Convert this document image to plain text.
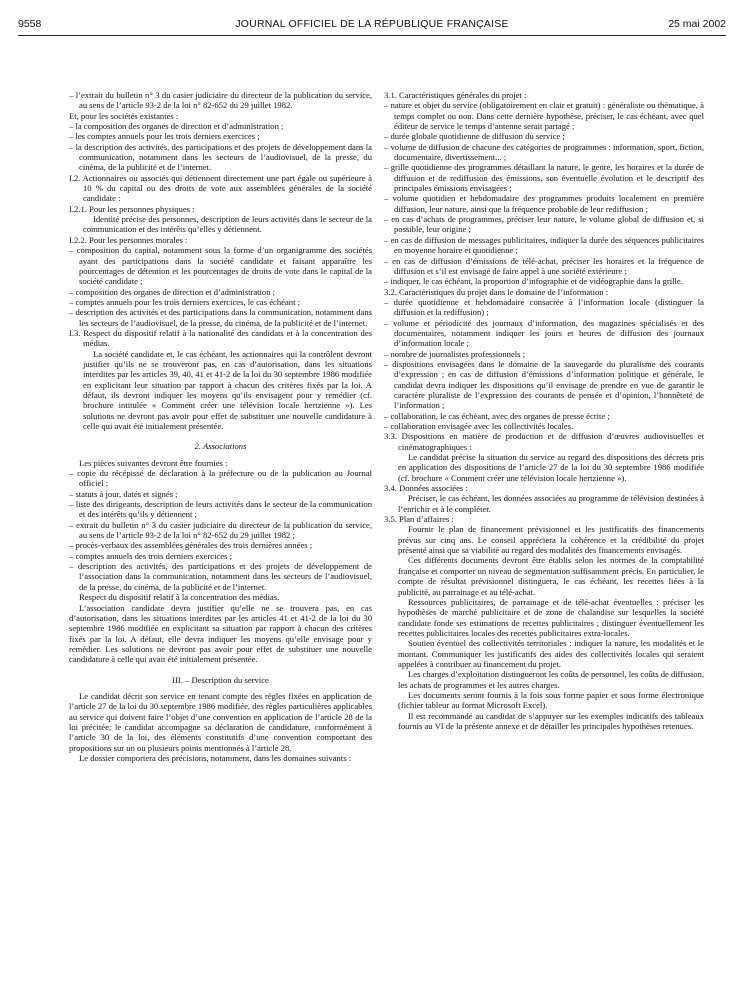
9558	JOURNAL OFFICIEL DE LA RÉPUBLIQUE FRANÇAISE	25 mai 2002

– l’extrait du bulletin n° 3 du casier judiciaire du directeur de la publication du service, au sens de l’article 93-2 de la loi n° 82-652 du 29 juillet 1982.

Et, pour les sociétés existantes :

– la composition des organes de direction et d’administration ;

– les comptes annuels pour les trois derniers exercices ;

– la description des activités, des participations et des projets de développement dans la communication, notamment dans les secteurs de l’audiovisuel, de la presse, du cinéma, de la publicité et de l’internet.

I.2. Actionnaires ou associés qui détiennent directement une part égale ou supérieure à 10 % du capital ou des droits de vote aux assemblées générales de la société candidate :

I.2.1. Pour les personnes physiques :

Identité précise des personnes, description de leurs activités dans le secteur de la communication et des intérêts qu’elles y détiennent.

I.2.2. Pour les personnes morales :

– composition du capital, notamment sous la forme d’un organigramme des sociétés ayant des participations dans la société candidate et faisant apparaître les pourcentages de détention et les pourcentages de droits de vote dans le capital de la société candidate ;

– composition des organes de direction et d’administration ;

– comptes annuels pour les trois derniers exercices, le cas échéant ;

– description des activités et des participations dans la communication, notamment dans les secteurs de l’audiovisuel, de la presse, du cinéma, de la publicité et de l’internet.

I.3. Respect du dispositif relatif à la nationalité des candidats et à la concentration des médias.

La société candidate et, le cas échéant, les actionnaires qui la contrôlent devront justifier qu’ils ne se trouveront pas, en cas d’autorisation, dans les situations interdites par les articles 39, 40, 41 et 41-2 de la loi du 30 septembre 1986 modifiée en explicitant leur situation par rapport à chacun des critères fixés par la loi. A défaut, ils devront indiquer les moyens qu’ils envisagent pour y remédier (cf. brochure intitulée « Comment créer une télévision locale hertzienne »). Les solutions ne devront pas avoir pour effet de substituer une nouvelle candidature à celle qui avait été initialement présentée.

2. Associations

Les pièces suivantes devront être fournies :

– copie du récépissé de déclaration à la préfecture ou de la publication au Journal officiel ;

– statuts à jour, datés et signés ;

– liste des dirigeants, description de leurs activités dans le secteur de la communication et des intérêts qu’ils y détiennent ;

– extrait du bulletin n° 3 du casier judiciaire du directeur de la publication du service, au sens de l’article 93-2 de la loi n° 82-652 du 29 juillet 1982 ;

– procès-verbaux des assemblées générales des trois dernières années ;

– comptes annuels des trois derniers exercices ;

– description des activités, des participations et des projets de développement de l’association dans la communication, notamment dans les secteurs de l’audiovisuel, de la presse, du cinéma, de la publicité et de l’internet.

Respect du dispositif relatif à la concentration des médias.

L’association candidate devra justifier qu’elle ne se trouvera pas, en cas d’autorisation, dans les situations interdites par les articles 41 et 41-2 de la loi du 30 septembre 1986 modifiée en explicitant sa situation par rapport à chacun des critères fixés par la loi. A défaut, elle devra indiquer les moyens qu’elle envisage pour y remédier. Les solutions ne devront pas avoir pour effet de substituer une nouvelle candidature à celle qui avait été initialement présentée.

III. – Description du service

Le candidat décrit son service en tenant compte des règles fixées en application de l’article 27 de la loi du 30 septembre 1986 modifiée, des règles particulières applicables au service qui doivent faire l’objet d’une convention en application de l’article 28 de la loi précitée; le candidat accompagne sa déclaration de candidature, conformément à l’article 30 de la loi, des éléments constitutifs d’une convention comportant des propositions sur un ou plusieurs points mentionnés à l’article 28.

Le dossier comportera des précisions, notamment, dans les domaines suivants :

3.1. Caractéristiques générales du projet :

– nature et objet du service (obligatoirement en clair et gratuit) : généraliste ou thématique, à temps complet ou non. Dans cette dernière hypothèse, préciser, le cas échéant, avec quel éditeur de service le temps d’antenne serait partagé ;

– durée globale quotidienne de diffusion du service ;

– volume de diffusion de chacune des catégories de programmes : information, sport, fiction, documentaire, divertissement... ;

– grille quotidienne des programmes détaillant la nature, le genre, les horaires et la durée de diffusion et de rediffusion des émissions, son éventuelle évolution et le descriptif des principales émissions envisagées ;

– volume quotidien et hebdomadaire des programmes produits localement en première diffusion, leur nature, ainsi que la fréquence probable de leur rediffusion ;

– en cas d’achats de programmes, préciser leur nature, le volume global de diffusion et, si possible, leur origine ;

– en cas de diffusion de messages publicitaires, indiquer la durée des séquences publicitaires en moyenne horaire et quotidienne ;

– en cas de diffusion d’émissions de télé-achat, préciser les horaires et la fréquence de diffusion et s’il est envisagé de faire appel à une société extérieure ;

– indiquer, le cas échéant, la proportion d’infographie et de vidéographie dans la grille.

3.2. Caractéristiques du projet dans le domaine de l’information :

– durée quotidienne et hebdomadaire consacrée à l’information locale (distinguer la diffusion et la rediffusion) ;

– volume et périodicité des journaux d’information, des magazines spécialisés et des documentaires, notamment indiquer les jours et heures de diffusion des journaux d’information locale ;

– nombre de journalistes professionnels ;

– dispositions envisagées dans le domaine de la sauvegarde du pluralisme des courants d’expression ; en cas de diffusion d’émissions d’information politique et générale, le candidat devra indiquer les dispositions qu’il envisage de prendre en vue de garantir le caractère pluraliste de l’expression des courants de pensée et d’opinion, l’honnêteté de l’information ;

– collaboration, le cas échéant, avec des organes de presse écrite ;

– collaboration envisagée avec les collectivités locales.

3.3. Dispositions en matière de production et de diffusion d’œuvres audiovisuelles et cinématographiques :

Le candidat précise la situation du service au regard des dispositions des décrets pris en application des dispositions de l’article 27 de la loi du 30 septembre 1986 modifiée (cf. brochure « Comment créer une télévision locale hertzienne »).

3.4. Données associées :

Préciser, le cas échéant, les données associées au programme de télévision destinées à l’enrichir et à le compléter.

3.5. Plan d’affaires :

Fournir le plan de financement prévisionnel et les justificatifs des financements prévus sur cinq ans. Le conseil appréciera la cohérence et la crédibilité du projet présenté ainsi que sa viabilité au regard des modalités des financements envisagés.

Ces différents documents devront être établis selon les normes de la comptabilité française et comporter un niveau de segmentation suffisamment précis. En particulier, le compte de résultat prévisionnel distinguera, le cas échéant, les recettes liées à la publicité, au parrainage et au télé-achat.

Ressources publicitaires, de parrainage et de télé-achat éventuelles : préciser les hypothèses de marché publicitaire et de zone de chalandise sur lesquelles la société candidate fonde ses estimations de recettes publicitaires ; distinguer éventuellement les recettes publicitaires locales des recettes publicitaires extra-locales.

Soutien éventuel des collectivités territoriales : indiquer la nature, les modalités et le montant. Communiquer les justificatifs des aides des collectivités locales qui seraient appelées à contribuer au financement du projet.

Les charges d’exploitation distingueront les coûts de personnel, les coûts de diffusion, les achats de programmes et les autres charges.

Les documents seront fournis à la fois sous forme papier et sous forme électronique (fichier tableur au format Microsoft Excel).

Il est recommandé au candidat de s’appuyer sur les exemples indicatifs des tableaux fournis au VI de la présente annexe et de détailler les principales hypothèses retenues.
